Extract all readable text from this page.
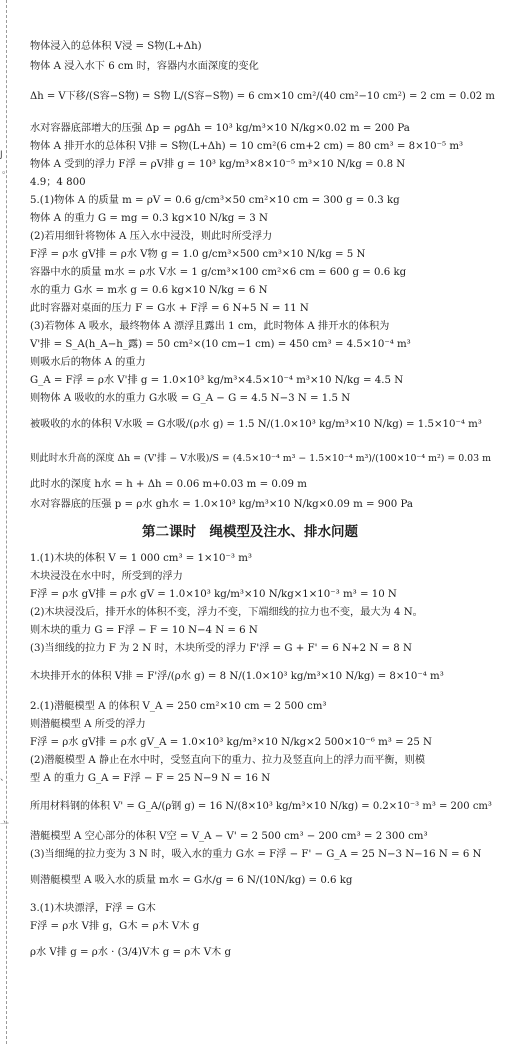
J
。
、
亠
物体浸入的总体积 V浸 = S物(L+Δh)
物体 A 浸入水下 6 cm 时，容器内水面深度的变化
Δh = V下移/(S容−S物) = S物 L/(S容−S物) = 6 cm×10 cm²/(40 cm²−10 cm²) = 2 cm = 0.02 m
水对容器底部增大的压强 Δp = ρgΔh = 10³ kg/m³×10 N/kg×0.02 m = 200 Pa
物体 A 排开水的总体积 V排 = S物(L+Δh) = 10 cm²(6 cm+2 cm) = 80 cm³ = 8×10⁻⁵ m³
物体 A 受到的浮力 F浮 = ρV排 g = 10³ kg/m³×8×10⁻⁵ m³×10 N/kg = 0.8 N
4.9；4 800
5.(1)物体 A 的质量 m = ρV = 0.6 g/cm³×50 cm²×10 cm = 300 g = 0.3 kg
物体 A 的重力 G = mg = 0.3 kg×10 N/kg = 3 N
(2)若用细针将物体 A 压入水中浸没，则此时所受浮力
F浮 = ρ水 gV排 = ρ水 V物 g = 1.0 g/cm³×500 cm³×10 N/kg = 5 N
容器中水的质量 m水 = ρ水 V水 = 1 g/cm³×100 cm²×6 cm = 600 g = 0.6 kg
水的重力 G水 = m水 g = 0.6 kg×10 N/kg = 6 N
此时容器对桌面的压力 F = G水 + F浮 = 6 N+5 N = 11 N
(3)若物体 A 吸水，最终物体 A 漂浮且露出 1 cm，此时物体 A 排开水的体积为
V'排 = S_A(h_A−h_露) = 50 cm²×(10 cm−1 cm) = 450 cm³ = 4.5×10⁻⁴ m³
则吸水后的物体 A 的重力
G_A = F浮 = ρ水 V'排 g = 1.0×10³ kg/m³×4.5×10⁻⁴ m³×10 N/kg = 4.5 N
则物体 A 吸收的水的重力 G水吸 = G_A − G = 4.5 N−3 N = 1.5 N
被吸收的水的体积 V水吸 = G水吸/(ρ水 g) = 1.5 N/(1.0×10³ kg/m³×10 N/kg) = 1.5×10⁻⁴ m³
则此时水升高的深度 Δh = (V'排 − V水吸)/S = (4.5×10⁻⁴ m³ − 1.5×10⁻⁴ m³)/(100×10⁻⁴ m²) = 0.03 m
此时水的深度 h水 = h + Δh = 0.06 m+0.03 m = 0.09 m
水对容器底的压强 p = ρ水 gh水 = 1.0×10³ kg/m³×10 N/kg×0.09 m = 900 Pa
第二课时　绳模型及注水、排水问题
1.(1)木块的体积 V = 1 000 cm³ = 1×10⁻³ m³
木块浸没在水中时，所受到的浮力
F浮 = ρ水 gV排 = ρ水 gV = 1.0×10³ kg/m³×10 N/kg×1×10⁻³ m³ = 10 N
(2)木块浸没后，排开水的体积不变，浮力不变，下端细线的拉力也不变，最大为 4 N。
则木块的重力 G = F浮 − F = 10 N−4 N = 6 N
(3)当细线的拉力 F 为 2 N 时，木块所受的浮力 F'浮 = G + F' = 6 N+2 N = 8 N
木块排开水的体积 V排 = F'浮/(ρ水 g) = 8 N/(1.0×10³ kg/m³×10 N/kg) = 8×10⁻⁴ m³
2.(1)潜艇模型 A 的体积 V_A = 250 cm²×10 cm = 2 500 cm³
则潜艇模型 A 所受的浮力
F浮 = ρ水 gV排 = ρ水 gV_A = 1.0×10³ kg/m³×10 N/kg×2 500×10⁻⁶ m³ = 25 N
(2)潜艇模型 A 静止在水中时，受竖直向下的重力、拉力及竖直向上的浮力而平衡，则模
型 A 的重力 G_A = F浮 − F = 25 N−9 N = 16 N
所用材料钢的体积 V' = G_A/(ρ钢 g) = 16 N/(8×10³ kg/m³×10 N/kg) = 0.2×10⁻³ m³ = 200 cm³
潜艇模型 A 空心部分的体积 V空 = V_A − V' = 2 500 cm³ − 200 cm³ = 2 300 cm³
(3)当细绳的拉力变为 3 N 时，吸入水的重力 G水 = F浮 − F' − G_A = 25 N−3 N−16 N = 6 N
则潜艇模型 A 吸入水的质量 m水 = G水/g = 6 N/(10N/kg) = 0.6 kg
3.(1)木块漂浮，F浮 = G木
F浮 = ρ水 V排 g，G木 = ρ木 V木 g
ρ水 V排 g = ρ水 · (3/4)V木 g = ρ木 V木 g
